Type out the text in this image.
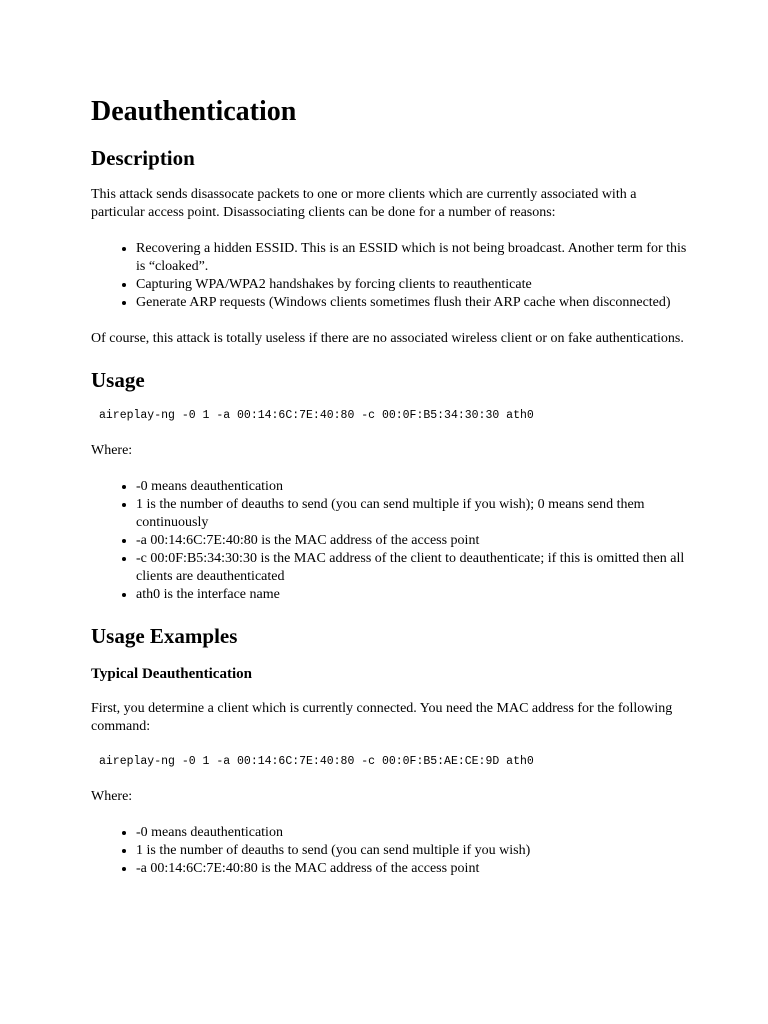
Deauthentication
Description

This attack sends disassocate packets to one or more clients which are currently associated with a particular access point. Disassociating clients can be done for a number of reasons:

• Recovering a hidden ESSID. This is an ESSID which is not being broadcast. Another term for this is “cloaked”.
• Capturing WPA/WPA2 handshakes by forcing clients to reauthenticate
• Generate ARP requests (Windows clients sometimes flush their ARP cache when disconnected)

Of course, this attack is totally useless if there are no associated wireless client or on fake authentications.

Usage
aireplay-ng -0 1 -a 00:14:6C:7E:40:80 -c 00:0F:B5:34:30:30 ath0

Where:

• -0 means deauthentication
• 1 is the number of deauths to send (you can send multiple if you wish); 0 means send them continuously
• -a 00:14:6C:7E:40:80 is the MAC address of the access point
• -c 00:0F:B5:34:30:30 is the MAC address of the client to deauthenticate; if this is omitted then all clients are deauthenticated
• ath0 is the interface name
Usage Examples
Typical Deauthentication

First, you determine a client which is currently connected. You need the MAC address for the following command:

aireplay-ng -0 1 -a 00:14:6C:7E:40:80 -c 00:0F:B5:AE:CE:9D ath0

Where:

• -0 means deauthentication
• 1 is the number of deauths to send (you can send multiple if you wish)
• -a 00:14:6C:7E:40:80 is the MAC address of the access point
